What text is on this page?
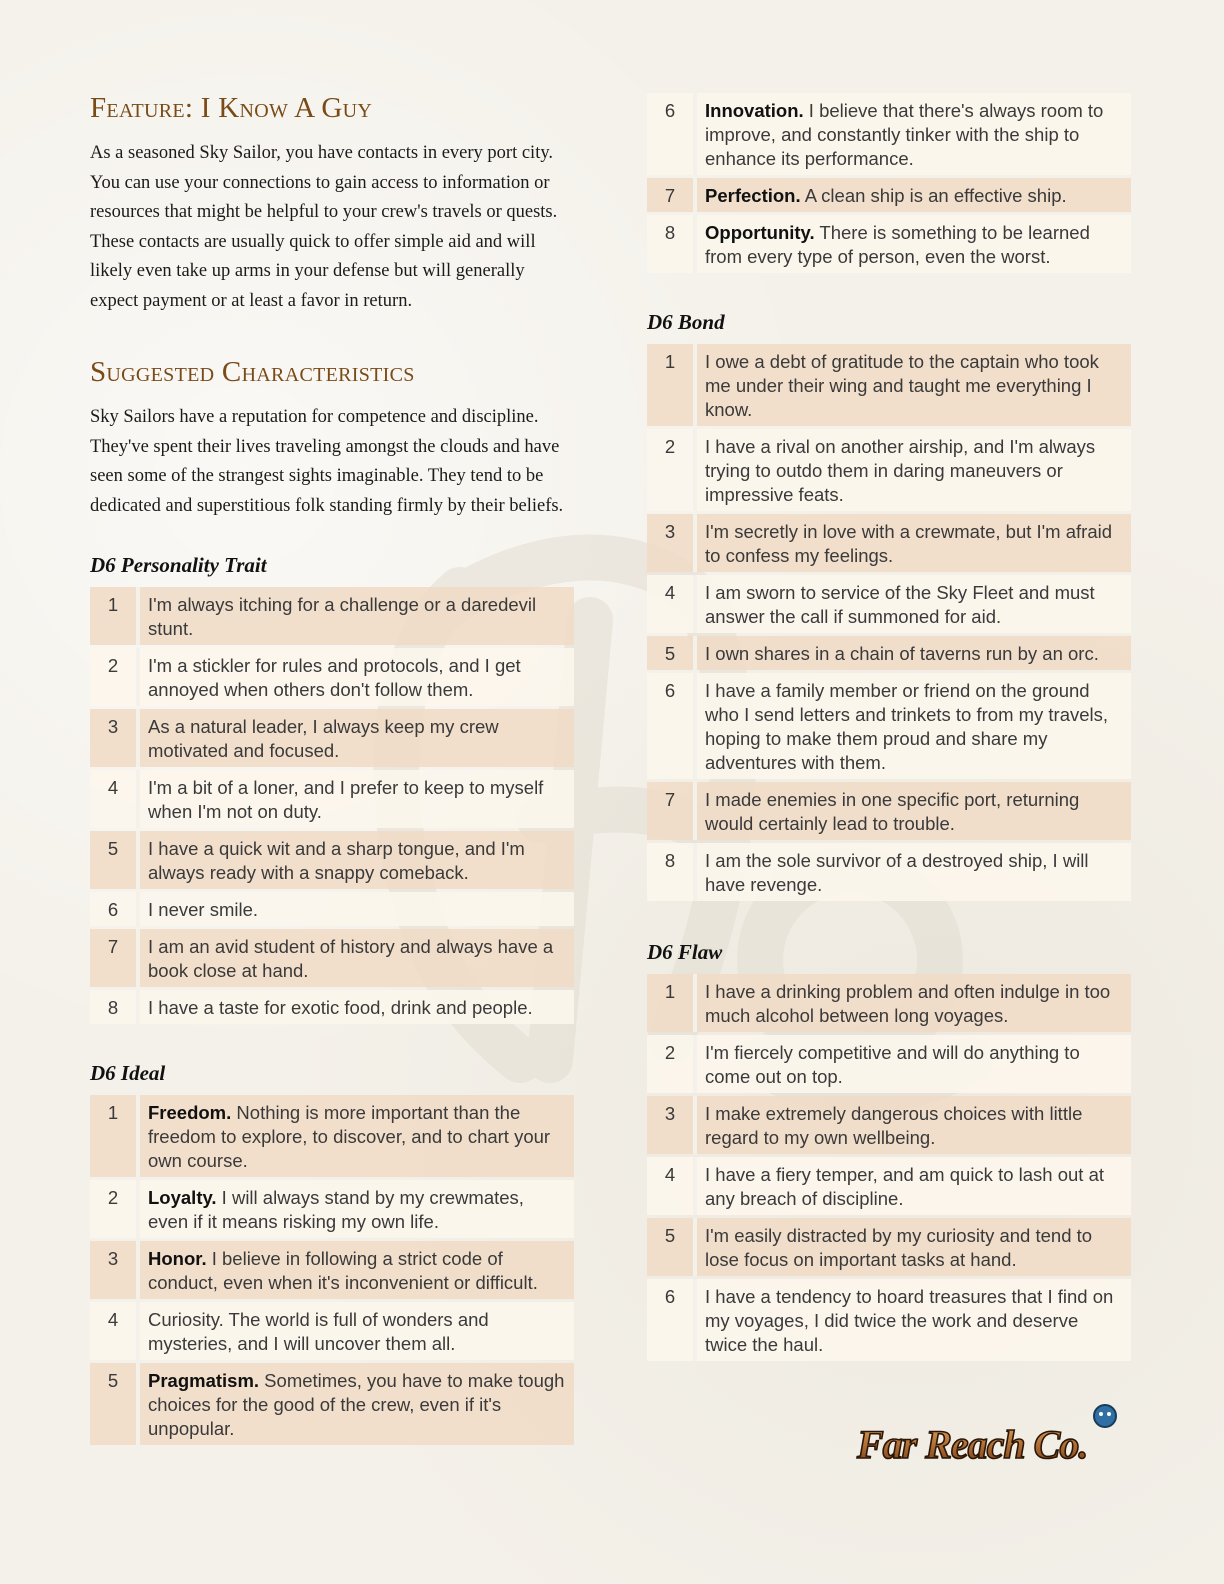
Feature: I Know A Guy

As a seasoned Sky Sailor, you have contacts in every port city. You can use your connections to gain access to information or resources that might be helpful to your crew's travels or quests. These contacts are usually quick to offer simple aid and will likely even take up arms in your defense but will generally expect payment or at least a favor in return.

Suggested Characteristics

Sky Sailors have a reputation for competence and discipline. They've spent their lives traveling amongst the clouds and have seen some of the strangest sights imaginable. They tend to be dedicated and superstitious folk standing firmly by their beliefs.

D6 Personality Trait
1	I'm always itching for a challenge or a daredevil stunt.
2	I'm a stickler for rules and protocols, and I get annoyed when others don't follow them.
3	As a natural leader, I always keep my crew motivated and focused.
4	I'm a bit of a loner, and I prefer to keep to myself when I'm not on duty.
5	I have a quick wit and a sharp tongue, and I'm always ready with a snappy comeback.
6	I never smile.
7	I am an avid student of history and always have a book close at hand.
8	I have a taste for exotic food, drink and people.
D6 Ideal
1	Freedom. Nothing is more important than the freedom to explore, to discover, and to chart your own course.
2	Loyalty. I will always stand by my crewmates, even if it means risking my own life.
3	Honor. I believe in following a strict code of conduct, even when it's inconvenient or difficult.
4	Curiosity. The world is full of wonders and mysteries, and I will uncover them all.
5	Pragmatism. Sometimes, you have to make tough choices for the good of the crew, even if it's unpopular.
6	Innovation. I believe that there's always room to improve, and constantly tinker with the ship to enhance its performance.
7	Perfection. A clean ship is an effective ship.
8	Opportunity. There is something to be learned from every type of person, even the worst.
D6 Bond
1	I owe a debt of gratitude to the captain who took me under their wing and taught me everything I know.
2	I have a rival on another airship, and I'm always trying to outdo them in daring maneuvers or impressive feats.
3	I'm secretly in love with a crewmate, but I'm afraid to confess my feelings.
4	I am sworn to service of the Sky Fleet and must answer the call if summoned for aid.
5	I own shares in a chain of taverns run by an orc.
6	I have a family member or friend on the ground who I send letters and trinkets to from my travels, hoping to make them proud and share my adventures with them.
7	I made enemies in one specific port, returning would certainly lead to trouble.
8	I am the sole survivor of a destroyed ship, I will have revenge.
D6 Flaw
1	I have a drinking problem and often indulge in too much alcohol between long voyages.
2	I'm fiercely competitive and will do anything to come out on top.
3	I make extremely dangerous choices with little regard to my own wellbeing.
4	I have a fiery temper, and am quick to lash out at any breach of discipline.
5	I'm easily distracted by my curiosity and tend to lose focus on important tasks at hand.
6	I have a tendency to hoard treasures that I find on my voyages, I did twice the work and deserve twice the haul.
Far Reach Co.
